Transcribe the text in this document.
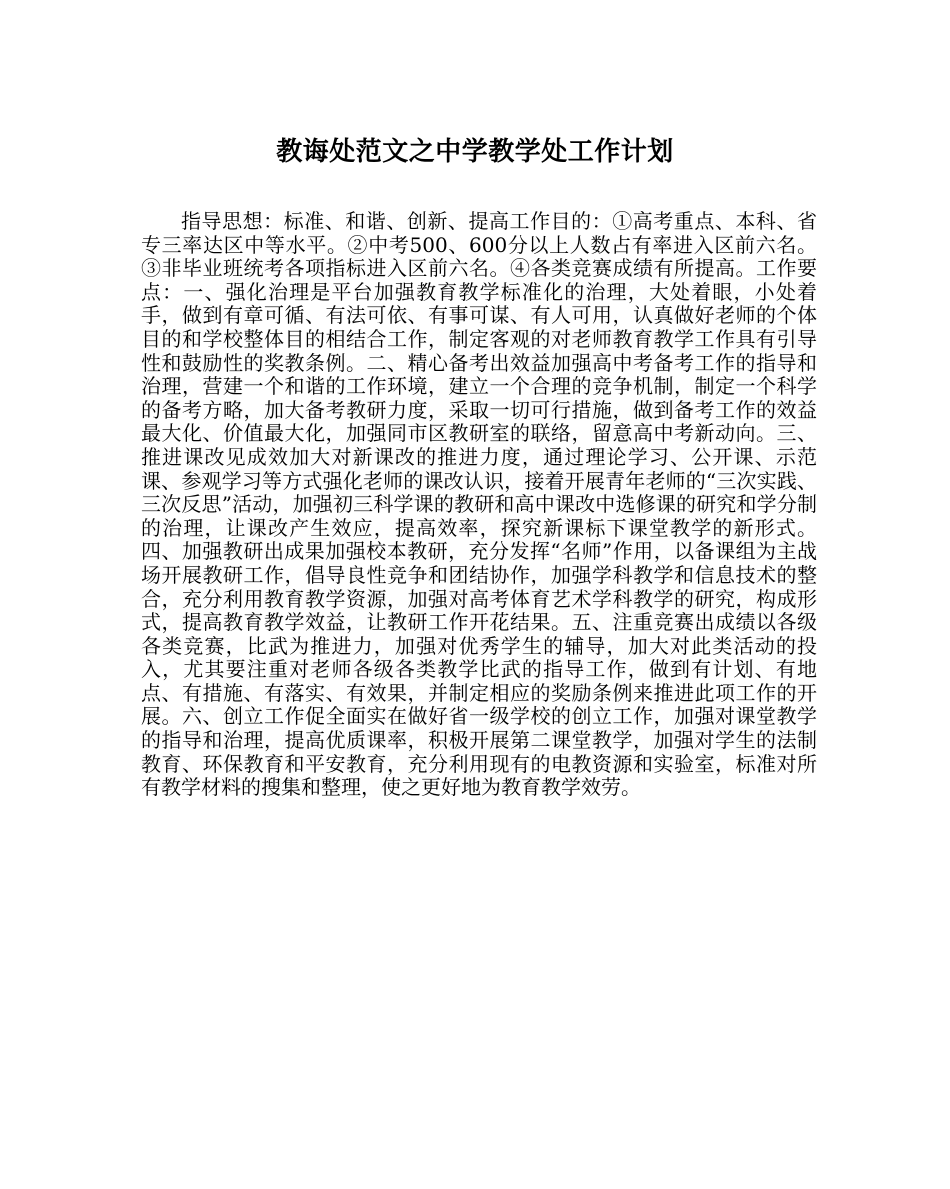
教诲处范文之中学教学处工作计划

指导思想：标准、和谐、创新、提高工作目的：①高考重点、本科、省专三率达区中等水平。②中考500、600分以上人数占有率进入区前六名。③非毕业班统考各项指标进入区前六名。④各类竞赛成绩有所提高。工作要点：一、强化治理是平台加强教育教学标准化的治理，大处着眼，小处着手，做到有章可循、有法可依、有事可谋、有人可用，认真做好老师的个体目的和学校整体目的相结合工作，制定客观的对老师教育教学工作具有引导性和鼓励性的奖教条例。二、精心备考出效益加强高中考备考工作的指导和治理，营建一个和谐的工作环境，建立一个合理的竞争机制，制定一个科学的备考方略，加大备考教研力度，采取一切可行措施，做到备考工作的效益最大化、价值最大化，加强同市区教研室的联络，留意高中考新动向。三、推进课改见成效加大对新课改的推进力度，通过理论学习、公开课、示范课、参观学习等方式强化老师的课改认识，接着开展青年老师的“三次实践、三次反思”活动，加强初三科学课的教研和高中课改中选修课的研究和学分制的治理，让课改产生效应，提高效率，探究新课标下课堂教学的新形式。四、加强教研出成果加强校本教研，充分发挥“名师”作用，以备课组为主战场开展教研工作，倡导良性竞争和团结协作，加强学科教学和信息技术的整合，充分利用教育教学资源，加强对高考体育艺术学科教学的研究，构成形式，提高教育教学效益，让教研工作开花结果。五、注重竞赛出成绩以各级各类竞赛，比武为推进力，加强对优秀学生的辅导，加大对此类活动的投入，尤其要注重对老师各级各类教学比武的指导工作，做到有计划、有地点、有措施、有落实、有效果，并制定相应的奖励条例来推进此项工作的开展。六、创立工作促全面实在做好省一级学校的创立工作，加强对课堂教学的指导和治理，提高优质课率，积极开展第二课堂教学，加强对学生的法制教育、环保教育和平安教育，充分利用现有的电教资源和实验室，标准对所有教学材料的搜集和整理，使之更好地为教育教学效劳。
